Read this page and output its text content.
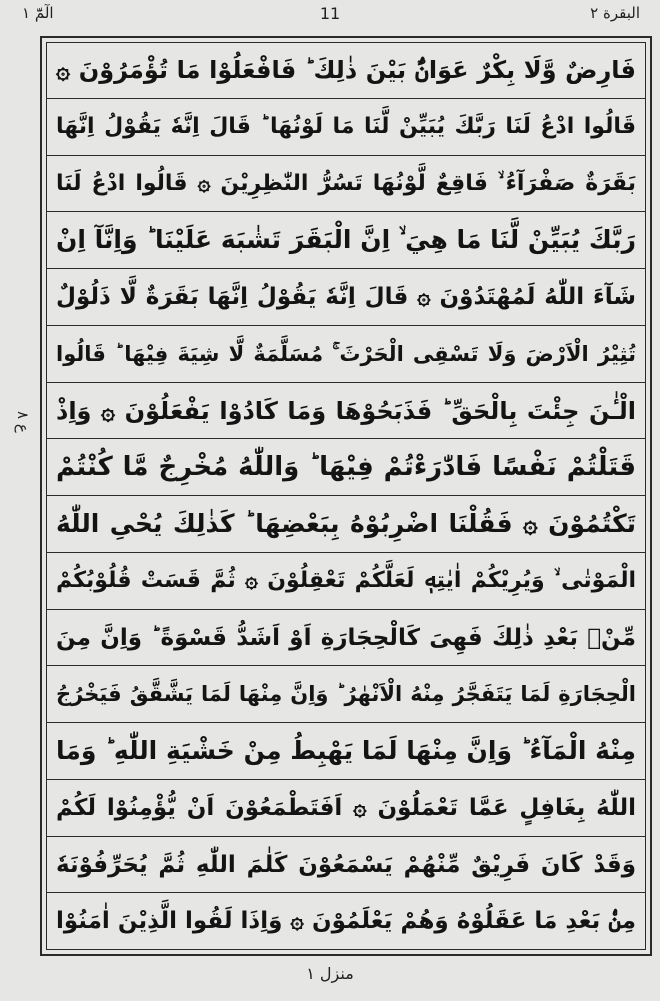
الٓمّٓ ۱	11	البقرة ۲
ع ۸
فَارِضٌ وَّلَا بِكْرٌ عَوَانٌۢ بَيْنَ ذٰلِكَ ؕ فَافْعَلُوْا مَا تُؤْمَرُوْنَ ۞
قَالُوا ادْعُ لَنَا رَبَّكَ يُبَيِّنْ لَّنَا مَا لَوْنُهَا ؕ قَالَ اِنَّهٗ يَقُوْلُ اِنَّهَا
بَقَرَةٌ صَفْرَآءُ ۙ فَاقِعٌ لَّوْنُهَا تَسُرُّ النّٰظِرِيْنَ ۞ قَالُوا ادْعُ لَنَا
رَبَّكَ يُبَيِّنْ لَّنَا مَا هِيَ ۙ اِنَّ الْبَقَرَ تَشٰبَهَ عَلَيْنَا ؕ وَاِنَّآ اِنْ
شَآءَ اللّٰهُ لَمُهْتَدُوْنَ ۞ قَالَ اِنَّهٗ يَقُوْلُ اِنَّهَا بَقَرَةٌ لَّا ذَلُوْلٌ
تُثِيْرُ الْاَرْضَ وَلَا تَسْقِى الْحَرْثَ ۚ مُسَلَّمَةٌ لَّا شِيَةَ فِيْهَا ؕ قَالُوا
الْـٰٔنَ جِئْتَ بِالْحَقِّ ؕ فَذَبَحُوْهَا وَمَا كَادُوْا يَفْعَلُوْنَ ۞ وَاِذْ
قَتَلْتُمْ نَفْسًا فَادّٰرَءْتُمْ فِيْهَا ؕ وَاللّٰهُ مُخْرِجٌ مَّا كُنْتُمْ
تَكْتُمُوْنَ ۞ فَقُلْنَا اضْرِبُوْهُ بِبَعْضِهَا ؕ كَذٰلِكَ يُحْىِ اللّٰهُ
الْمَوْتٰى ۙ وَيُرِيْكُمْ اٰيٰتِهٖ لَعَلَّكُمْ تَعْقِلُوْنَ ۞ ثُمَّ قَسَتْ قُلُوْبُكُمْ
مِّنْۢ بَعْدِ ذٰلِكَ فَهِىَ كَالْحِجَارَةِ اَوْ اَشَدُّ قَسْوَةً ؕ وَاِنَّ مِنَ
الْحِجَارَةِ لَمَا يَتَفَجَّرُ مِنْهُ الْاَنْهٰرُ ؕ وَاِنَّ مِنْهَا لَمَا يَشَّقَّقُ فَيَخْرُجُ
مِنْهُ الْمَآءُ ؕ وَاِنَّ مِنْهَا لَمَا يَهْبِطُ مِنْ خَشْيَةِ اللّٰهِ ؕ وَمَا
اللّٰهُ بِغَافِلٍ عَمَّا تَعْمَلُوْنَ ۞ اَفَتَطْمَعُوْنَ اَنْ يُّؤْمِنُوْا لَكُمْ
وَقَدْ كَانَ فَرِيْقٌ مِّنْهُمْ يَسْمَعُوْنَ كَلٰمَ اللّٰهِ ثُمَّ يُحَرِّفُوْنَهٗ
مِنْۢ بَعْدِ مَا عَقَلُوْهُ وَهُمْ يَعْلَمُوْنَ ۞ وَاِذَا لَقُوا الَّذِيْنَ اٰمَنُوْا
منزل ۱
